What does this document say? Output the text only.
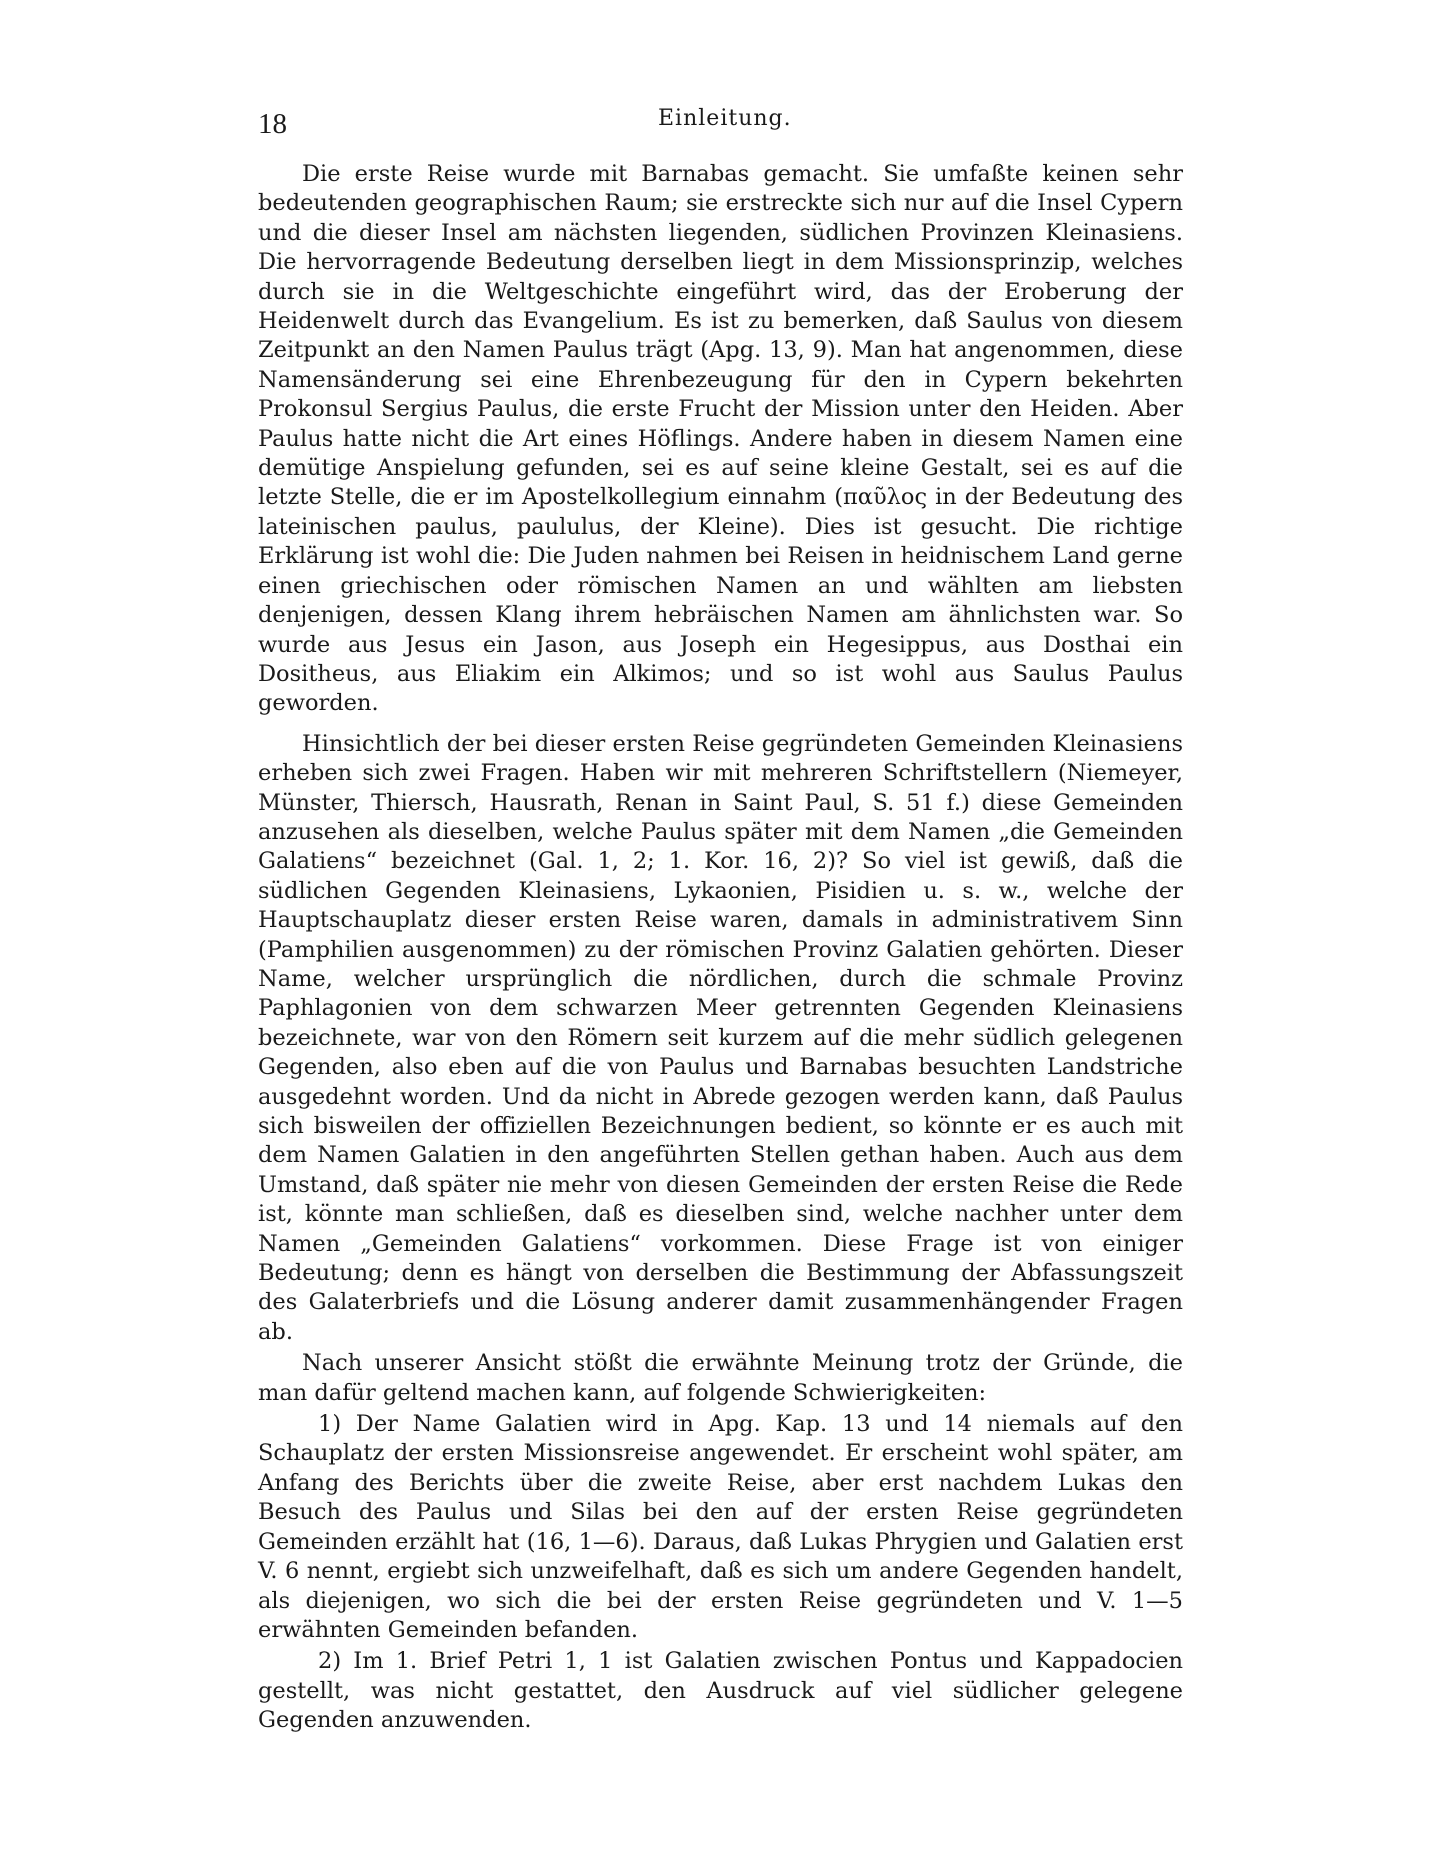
18	Einleitung.

Die erste Reise wurde mit Barnabas gemacht. Sie umfaßte keinen sehr bedeutenden geographischen Raum; sie erstreckte sich nur auf die Insel Cypern und die dieser Insel am nächsten liegenden, südlichen Provinzen Kleinasiens. Die hervorragende Bedeutung derselben liegt in dem Missionsprinzip, welches durch sie in die Weltgeschichte eingeführt wird, das der Eroberung der Heidenwelt durch das Evangelium. Es ist zu bemerken, daß Saulus von diesem Zeitpunkt an den Namen Paulus trägt (Apg. 13, 9). Man hat angenommen, diese Namensänderung sei eine Ehrenbezeugung für den in Cypern bekehrten Prokonsul Sergius Paulus, die erste Frucht der Mission unter den Heiden. Aber Paulus hatte nicht die Art eines Höflings. Andere haben in diesem Namen eine demütige Anspielung gefunden, sei es auf seine kleine Gestalt, sei es auf die letzte Stelle, die er im Apostelkollegium einnahm (παῦλος in der Bedeutung des lateinischen paulus, paululus, der Kleine). Dies ist gesucht. Die richtige Erklärung ist wohl die: Die Juden nahmen bei Reisen in heidnischem Land gerne einen griechischen oder römischen Namen an und wählten am liebsten denjenigen, dessen Klang ihrem hebräischen Namen am ähnlichsten war. So wurde aus Jesus ein Jason, aus Joseph ein Hegesippus, aus Dosthai ein Dositheus, aus Eliakim ein Alkimos; und so ist wohl aus Saulus Paulus geworden.

Hinsichtlich der bei dieser ersten Reise gegründeten Gemeinden Kleinasiens erheben sich zwei Fragen. Haben wir mit mehreren Schriftstellern (Niemeyer, Münster, Thiersch, Hausrath, Renan in Saint Paul, S. 51 f.) diese Gemeinden anzusehen als dieselben, welche Paulus später mit dem Namen „die Gemeinden Galatiens“ bezeichnet (Gal. 1, 2; 1. Kor. 16, 2)? So viel ist gewiß, daß die südlichen Gegenden Kleinasiens, Lykaonien, Pisidien u. s. w., welche der Hauptschauplatz dieser ersten Reise waren, damals in administrativem Sinn (Pamphilien ausgenommen) zu der römischen Provinz Galatien gehörten. Dieser Name, welcher ursprünglich die nördlichen, durch die schmale Provinz Paphlagonien von dem schwarzen Meer getrennten Gegenden Kleinasiens bezeichnete, war von den Römern seit kurzem auf die mehr südlich gelegenen Gegenden, also eben auf die von Paulus und Barnabas besuchten Landstriche ausgedehnt worden. Und da nicht in Abrede gezogen werden kann, daß Paulus sich bisweilen der offiziellen Bezeichnungen bedient, so könnte er es auch mit dem Namen Galatien in den angeführten Stellen gethan haben. Auch aus dem Umstand, daß später nie mehr von diesen Gemeinden der ersten Reise die Rede ist, könnte man schließen, daß es dieselben sind, welche nachher unter dem Namen „Gemeinden Galatiens“ vorkommen. Diese Frage ist von einiger Bedeutung; denn es hängt von derselben die Bestimmung der Abfassungszeit des Galaterbriefs und die Lösung anderer damit zusammenhängender Fragen ab.

Nach unserer Ansicht stößt die erwähnte Meinung trotz der Gründe, die man dafür geltend machen kann, auf folgende Schwierigkeiten:

1) Der Name Galatien wird in Apg. Kap. 13 und 14 niemals auf den Schauplatz der ersten Missionsreise angewendet. Er erscheint wohl später, am Anfang des Berichts über die zweite Reise, aber erst nachdem Lukas den Besuch des Paulus und Silas bei den auf der ersten Reise gegründeten Gemeinden erzählt hat (16, 1—6). Daraus, daß Lukas Phrygien und Galatien erst V. 6 nennt, ergiebt sich unzweifelhaft, daß es sich um andere Gegenden handelt, als diejenigen, wo sich die bei der ersten Reise gegründeten und V. 1—5 erwähnten Gemeinden befanden.

2) Im 1. Brief Petri 1, 1 ist Galatien zwischen Pontus und Kappadocien gestellt, was nicht gestattet, den Ausdruck auf viel südlicher gelegene Gegenden anzuwenden.
